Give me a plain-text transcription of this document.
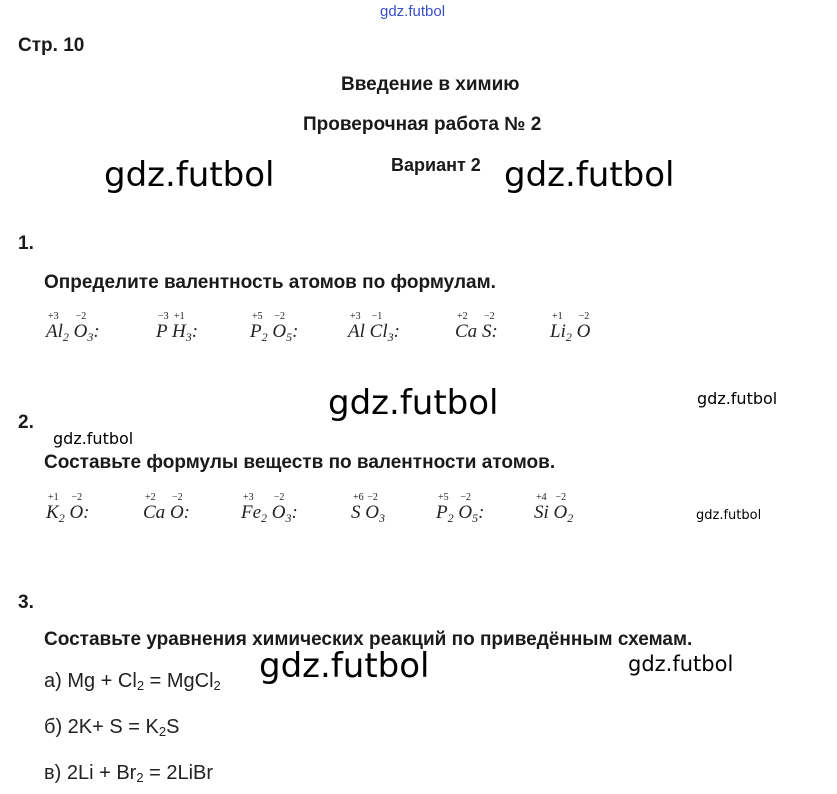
gdz.futbol
Стр. 10
Введение в химию
Проверочная работа № 2
Вариант 2
gdz.futbol	gdz.futbol
1.
Определите валентность атомов по формулам.
$Al_2$ $O_3$:
+3 −2
P $H_3$:
−3 +1
$P_2$ $O_5$:
+5 −2
Al $Cl_3$:
+3 −1
Ca S:
+2 −2
$Li_2$ O
+1 −2
gdz.futbol	gdz.futbol
2.
gdz.futbol
Составьте формулы веществ по валентности атомов.
$K_2$ O:
+1 −2
Ca O:
+2 −2
$Fe_2$ $O_3$:
+3 −2
S $O_3$
+6 −2
$P_2$ $O_5$:
+5 −2
Si $O_2$
+4 −2
gdz.futbol
3.
Составьте уравнения химических реакций по приведённым схемам.
gdz.futbol	gdz.futbol
а) $Mg + Cl_2$ = MgCl$_2$
б) $2K+ S = K_2S$
в) $2Li + Br_2$ = 2LiBr
